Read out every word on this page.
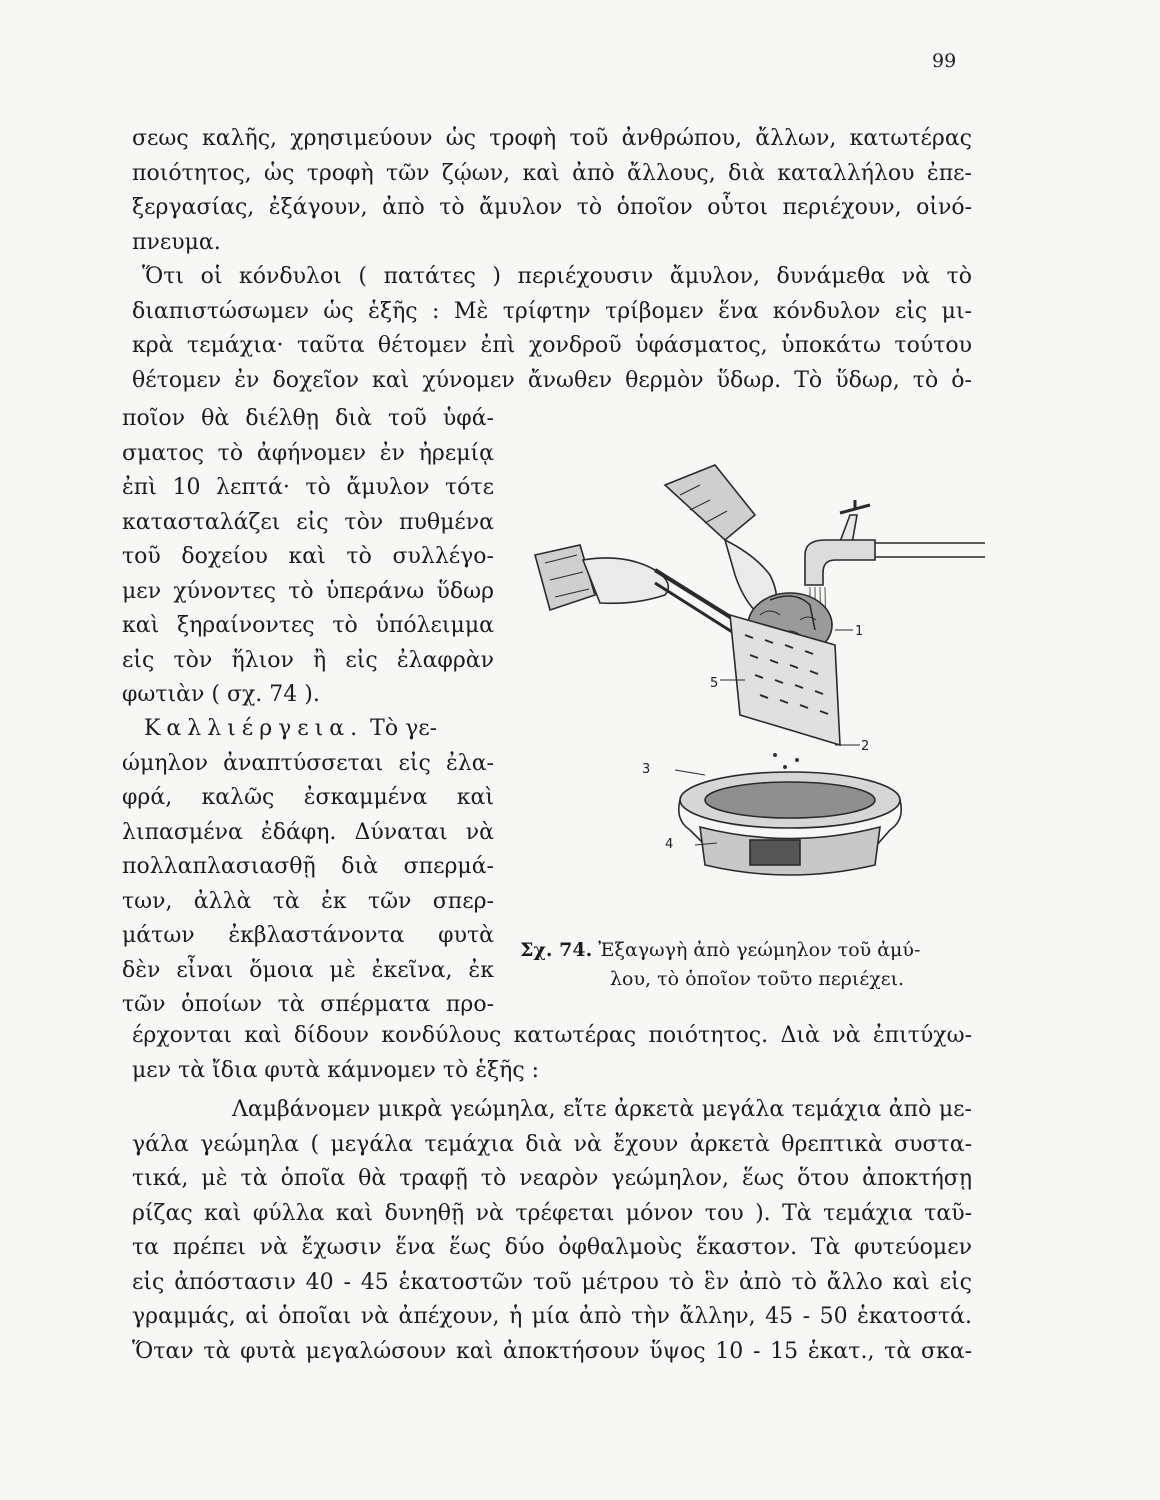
99
σεως καλῆς, χρησιμεύουν ὡς τροφὴ τοῦ ἀνθρώπου, ἄλλων, κατωτέρας
ποιότητος, ὡς τροφὴ τῶν ζῴων, καὶ ἀπὸ ἄλλους, διὰ καταλλήλου ἐπε-
ξεργασίας, ἐξάγουν, ἀπὸ τὸ ἄμυλον τὸ ὁποῖον οὗτοι περιέχουν, οἰνό-
πνευμα.
Ὅτι οἱ κόνδυλοι ( πατάτες ) περιέχουσιν ἄμυλον, δυνάμεθα νὰ τὸ
διαπιστώσωμεν ὡς ἑξῆς : Μὲ τρίφτην τρίβομεν ἕνα κόνδυλον εἰς μι-
κρὰ τεμάχια· ταῦτα θέτομεν ἐπὶ χονδροῦ ὑφάσματος, ὑποκάτω τούτου
θέτομεν ἐν δοχεῖον καὶ χύνομεν ἄνωθεν θερμὸν ὕδωρ. Τὸ ὕδωρ, τὸ ὁ-
ποῖον θὰ διέλθῃ διὰ τοῦ ὑφά-
σματος τὸ ἀφήνομεν ἐν ἠρεμίᾳ
ἐπὶ 10 λεπτά· τὸ ἄμυλον τότε
κατασταλάζει εἰς τὸν πυθμένα
τοῦ δοχείου καὶ τὸ συλλέγο-
μεν χύνοντες τὸ ὑπεράνω ὕδωρ
καὶ ξηραίνοντες τὸ ὑπόλειμμα
εἰς τὸν ἥλιον ἢ εἰς ἐλαφρὰν
φωτιὰν ( σχ. 74 ).
Καλλιέργεια. Τὸ γε-
ώμηλον ἀναπτύσσεται εἰς ἐλα-
φρά, καλῶς ἐσκαμμένα καὶ
λιπασμένα ἐδάφη. Δύναται νὰ
πολλαπλασιασθῇ διὰ σπερμά-
των, ἀλλὰ τὰ ἐκ τῶν σπερ-
μάτων ἐκβλαστάνοντα φυτὰ
δὲν εἶναι ὅμοια μὲ ἐκεῖνα, ἐκ
τῶν ὁποίων τὰ σπέρματα προ-
1
2
3
4
5
Σχ. 74. Ἐξαγωγὴ ἀπὸ γεώμηλον τοῦ ἀμύ-
λου, τὸ ὁποῖον τοῦτο περιέχει.
έρχονται καὶ δίδουν κονδύλους κατωτέρας ποιότητος. Διὰ νὰ ἐπιτύχω-
μεν τὰ ἴδια φυτὰ κάμνομεν τὸ ἑξῆς :
Λαμβάνομεν μικρὰ γεώμηλα, εἴτε ἀρκετὰ μεγάλα τεμάχια ἀπὸ με-
γάλα γεώμηλα ( μεγάλα τεμάχια διὰ νὰ ἔχουν ἀρκετὰ θρεπτικὰ συστα-
τικά, μὲ τὰ ὁποῖα θὰ τραφῇ τὸ νεαρὸν γεώμηλον, ἕως ὅτου ἀποκτήσῃ
ρίζας καὶ φύλλα καὶ δυνηθῇ νὰ τρέφεται μόνον του ). Τὰ τεμάχια ταῦ-
τα πρέπει νὰ ἔχωσιν ἕνα ἕως δύο ὀφθαλμοὺς ἕκαστον. Τὰ φυτεύομεν
εἰς ἀπόστασιν 40 - 45 ἑκατοστῶν τοῦ μέτρου τὸ ἓν ἀπὸ τὸ ἄλλο καὶ εἰς
γραμμάς, αἱ ὁποῖαι νὰ ἀπέχουν, ἡ μία ἀπὸ τὴν ἄλλην, 45 - 50 ἑκατοστά.
Ὅταν τὰ φυτὰ μεγαλώσουν καὶ ἀποκτήσουν ὕψος 10 - 15 ἑκατ., τὰ σκα-
